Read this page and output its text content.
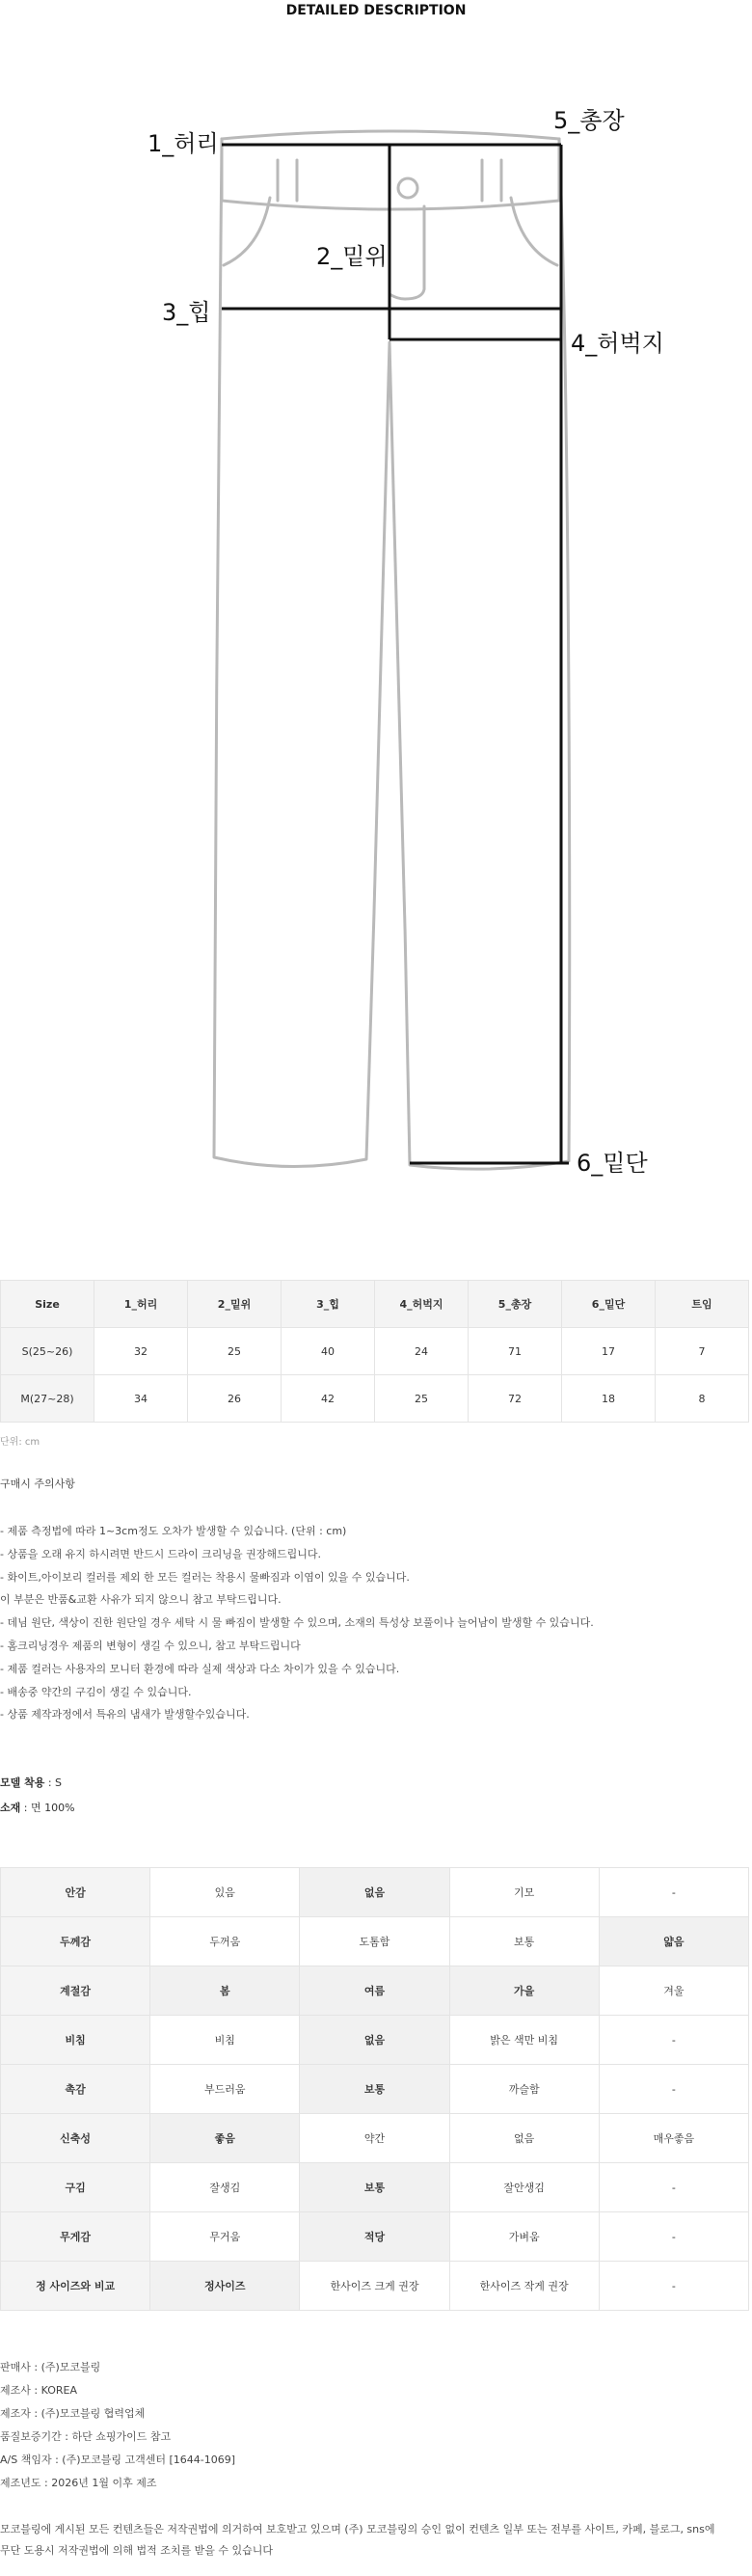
DETAILED DESCRIPTION
1_허리
2_밑위
3_힙
4_허벅지
5_총장
6_밑단
Size	1_허리	2_밑위	3_힙	4_허벅지	5_총장	6_밑단	트임
S(25~26)	32	25	40	24	71	17	7
M(27~28)	34	26	42	25	72	18	8
단위: cm
구매시 주의사항
- 제품 측정법에 따라 1~3cm정도 오차가 발생할 수 있습니다. (단위 : cm)
- 상품을 오래 유지 하시려면 반드시 드라이 크리닝을 권장해드립니다.
- 화이트,아이보리 컬러를 제외 한 모든 컬러는 착용시 물빠짐과 이염이 있을 수 있습니다.
이 부분은 반품&교환 사유가 되지 않으니 참고 부탁드립니다.
- 데님 원단, 색상이 진한 원단일 경우 세탁 시 물 빠짐이 발생할 수 있으며, 소재의 특성상 보풀이나 늘어남이 발생할 수 있습니다.
- 홈크리닝경우 제품의 변형이 생길 수 있으니, 참고 부탁드립니다
- 제품 컬러는 사용자의 모니터 환경에 따라 실제 색상과 다소 차이가 있을 수 있습니다.
- 배송중 약간의 구김이 생길 수 있습니다.
- 상품 제작과정에서 특유의 냄새가 발생할수있습니다.
모델 착용 : S
소재 : 면 100%
안감	있음	없음	기모	-
두께감	두꺼움	도톰함	보통	얇음
계절감	봄	여름	가을	겨울
비침	비침	없음	밝은 색만 비침	-
촉감	부드러움	보통	까슬함	-
신축성	좋음	약간	없음	매우좋음
구김	잘생김	보통	잘안생김	-
무게감	무거움	적당	가벼움	-
정 사이즈와 비교	정사이즈	한사이즈 크게 권장	한사이즈 작게 권장	-
판매사 : (주)모코블링
제조사 : KOREA
제조자 : (주)모코블링 협력업체
품질보증기간 : 하단 쇼핑가이드 참고
A/S 책임자 : (주)모코블링 고객센터 [1644-1069]
제조년도 : 2026년 1월 이후 제조
모코블링에 게시된 모든 컨텐츠들은 저작권법에 의거하여 보호받고 있으며 (주) 모코블링의 승인 없이 컨텐츠 일부 또는 전부를 사이트, 카페, 블로그, sns에
무단 도용시 저작권법에 의해 법적 조치를 받을 수 있습니다
